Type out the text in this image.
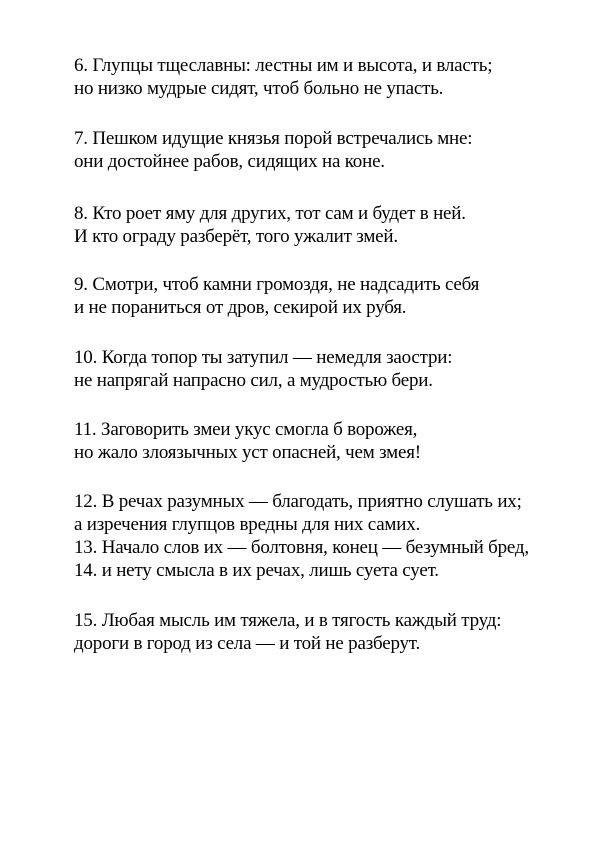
6. Глупцы тщеславны: лестны им и высота, и власть;
но низко мудрые сидят, чтоб больно не упасть.
7. Пешком идущие князья порой встречались мне:
они достойнее рабов, сидящих на коне.
8. Кто роет яму для других, тот сам и будет в ней.
И кто ограду разберёт, того ужалит змей.
9. Смотри, чтоб камни громоздя, не надсадить себя
и не пораниться от дров, секирой их рубя.
10. Когда топор ты затупил — немедля заостри:
не напрягай напрасно сил, а мудростью бери.
11. Заговорить змеи укус смогла б ворожея,
но жало злоязычных уст опасней, чем змея!
12. В речах разумных — благодать, приятно слушать их;
а изречения глупцов вредны для них самих.
13. Начало слов их — болтовня, конец — безумный бред,
14. и нету смысла в их речах, лишь суета сует.
15. Любая мысль им тяжела, и в тягость каждый труд:
дороги в город из села — и той не разберут.
